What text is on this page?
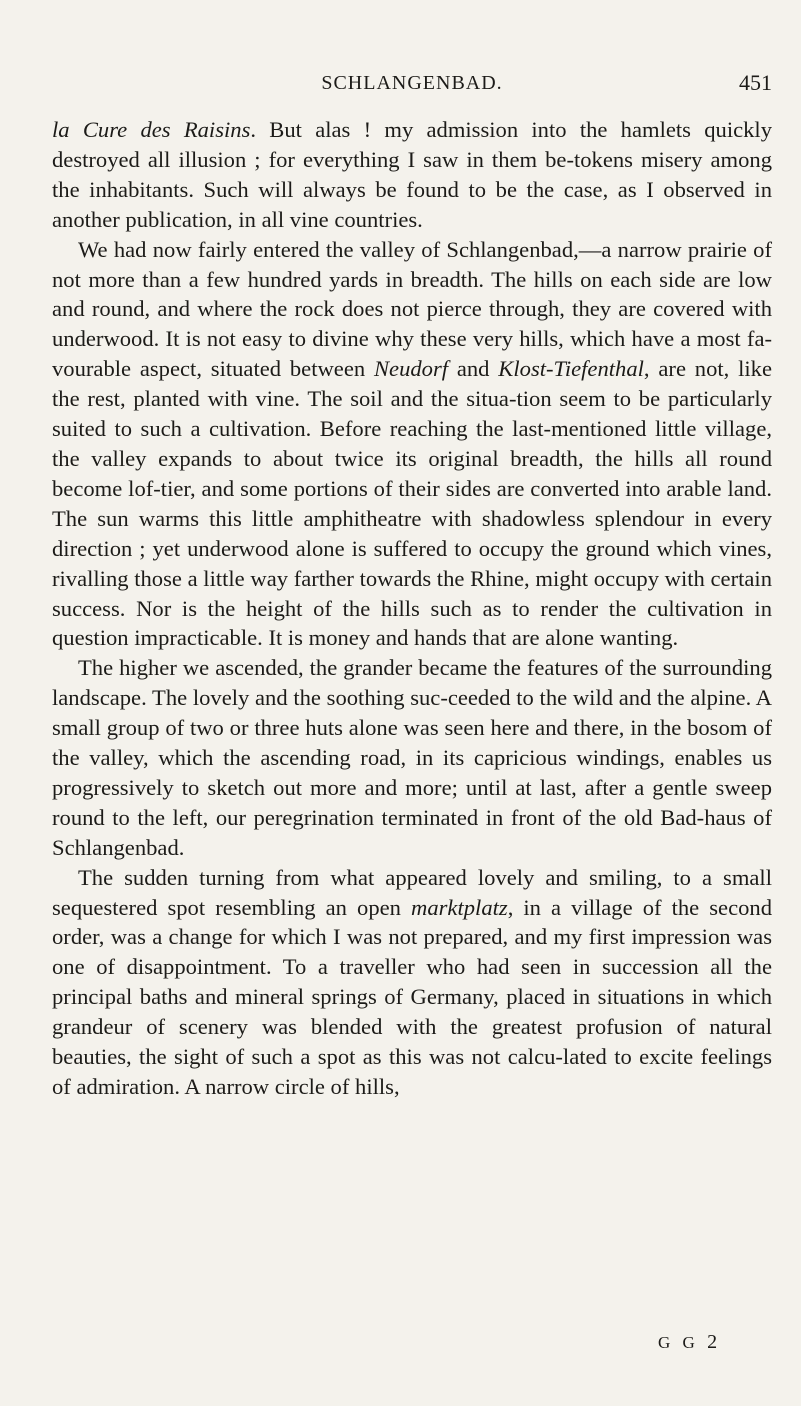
SCHLANGENBAD.	451

la Cure des Raisins. But alas ! my admission into the hamlets quickly destroyed all illusion ; for everything I saw in them be-tokens misery among the inhabitants. Such will always be found to be the case, as I observed in another publication, in all vine countries.

We had now fairly entered the valley of Schlangenbad,—a narrow prairie of not more than a few hundred yards in breadth. The hills on each side are low and round, and where the rock does not pierce through, they are covered with underwood. It is not easy to divine why these very hills, which have a most fa-vourable aspect, situated between Neudorf and Klost-Tiefenthal, are not, like the rest, planted with vine. The soil and the situa-tion seem to be particularly suited to such a cultivation. Before reaching the last-mentioned little village, the valley expands to about twice its original breadth, the hills all round become lof-tier, and some portions of their sides are converted into arable land. The sun warms this little amphitheatre with shadowless splendour in every direction ; yet underwood alone is suffered to occupy the ground which vines, rivalling those a little way farther towards the Rhine, might occupy with certain success. Nor is the height of the hills such as to render the cultivation in question impracticable. It is money and hands that are alone wanting.

The higher we ascended, the grander became the features of the surrounding landscape. The lovely and the soothing suc-ceeded to the wild and the alpine. A small group of two or three huts alone was seen here and there, in the bosom of the valley, which the ascending road, in its capricious windings, enables us progressively to sketch out more and more; until at last, after a gentle sweep round to the left, our peregrination terminated in front of the old Bad-haus of Schlangenbad.

The sudden turning from what appeared lovely and smiling, to a small sequestered spot resembling an open marktplatz, in a village of the second order, was a change for which I was not prepared, and my first impression was one of disappointment. To a traveller who had seen in succession all the principal baths and mineral springs of Germany, placed in situations in which grandeur of scenery was blended with the greatest profusion of natural beauties, the sight of such a spot as this was not calcu-lated to excite feelings of admiration. A narrow circle of hills,

G G 2
